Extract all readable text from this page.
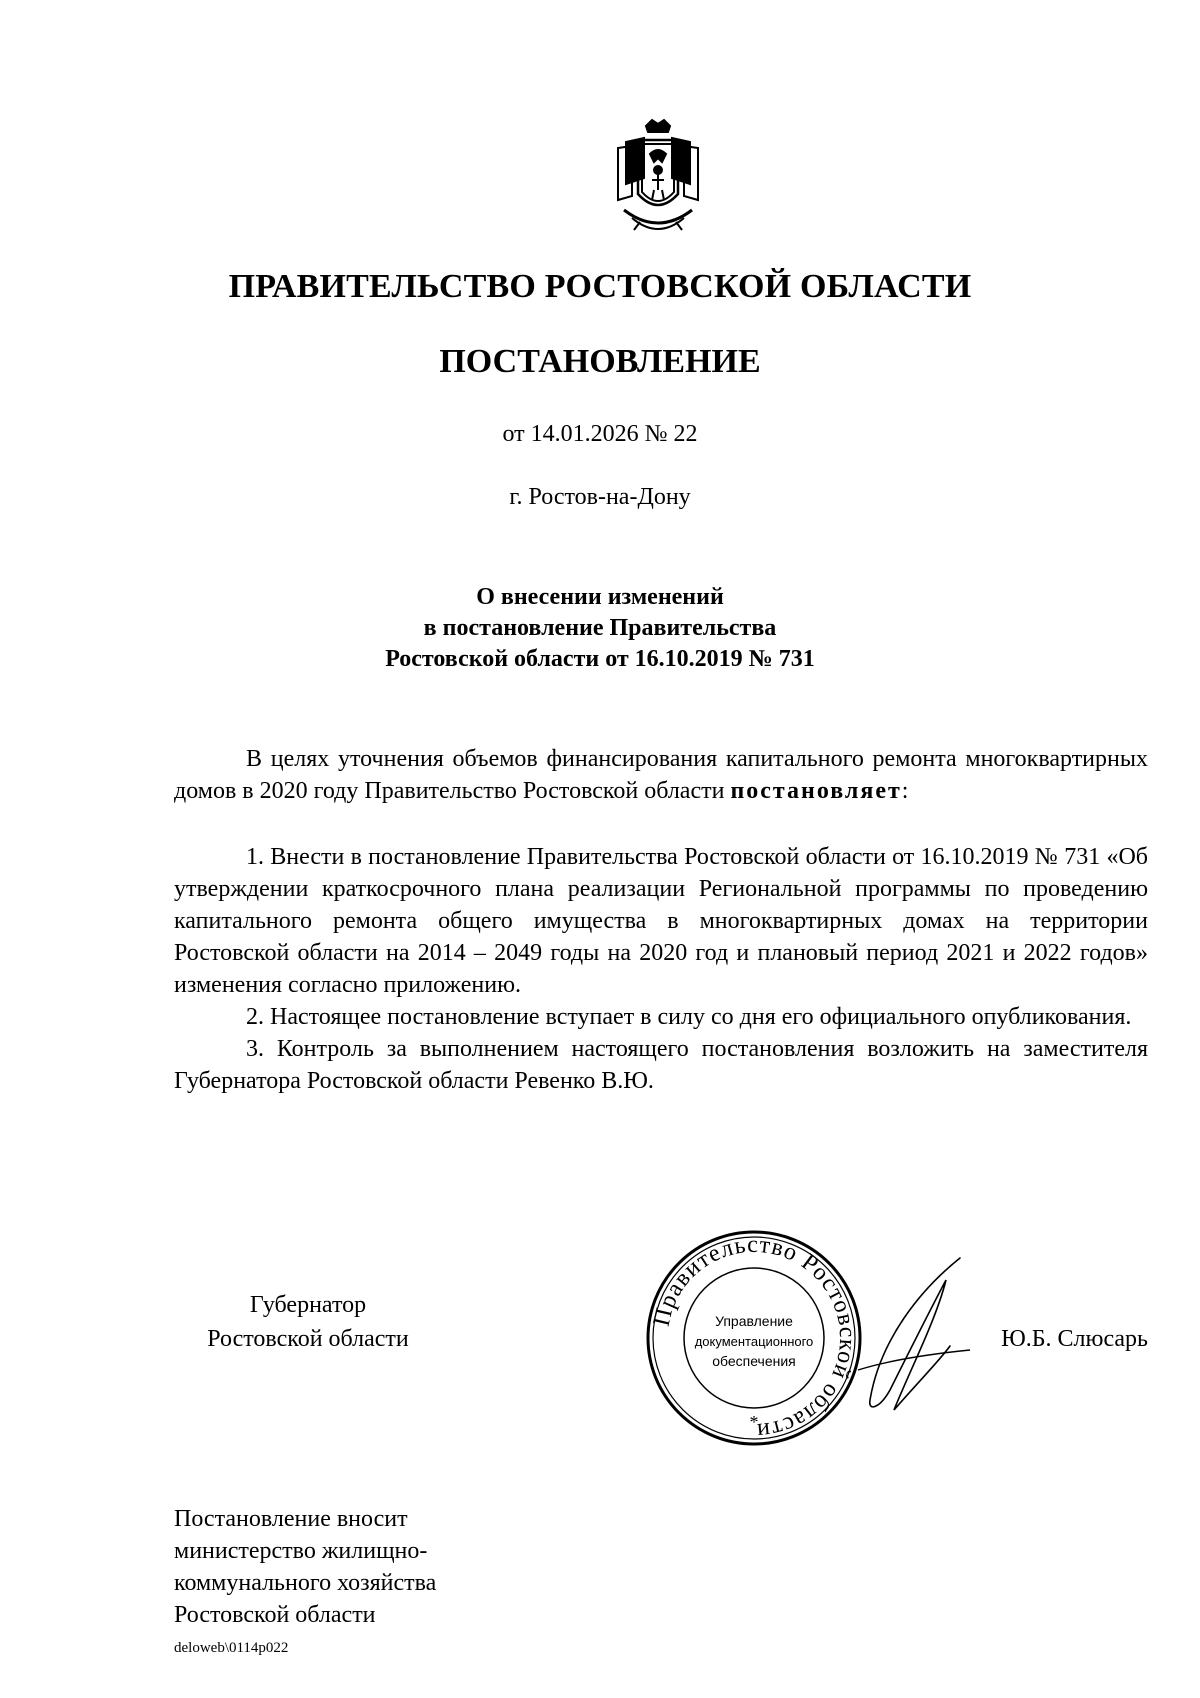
ПРАВИТЕЛЬСТВО РОСТОВСКОЙ ОБЛАСТИ
ПОСТАНОВЛЕНИЕ
от 14.01.2026 № 22
г. Ростов-на-Дону
О внесении изменений
в постановление Правительства
Ростовской области от 16.10.2019 № 731

В целях уточнения объемов финансирования капитального ремонта многоквартирных домов в 2020 году Правительство Ростовской области постановляет:

1. Внести в постановление Правительства Ростовской области от 16.10.2019 № 731 «Об утверждении краткосрочного плана реализации Региональной программы по проведению капитального ремонта общего имущества в многоквартирных домах на территории Ростовской области на 2014 – 2049 годы на 2020 год и плановый период 2021 и 2022 годов» изменения согласно приложению.

2. Настоящее постановление вступает в силу со дня его официального опубликования.

3. Контроль за выполнением настоящего постановления возложить на заместителя Губернатора Ростовской области Ревенко В.Ю.

Губернатор
Ростовской области
Правительство Ростовской области
Управление
документационного
обеспечения
*
Ю.Б. Слюсарь
Постановление вносит
министерство жилищно-
коммунального хозяйства
Ростовской области
deloweb\0114p022
